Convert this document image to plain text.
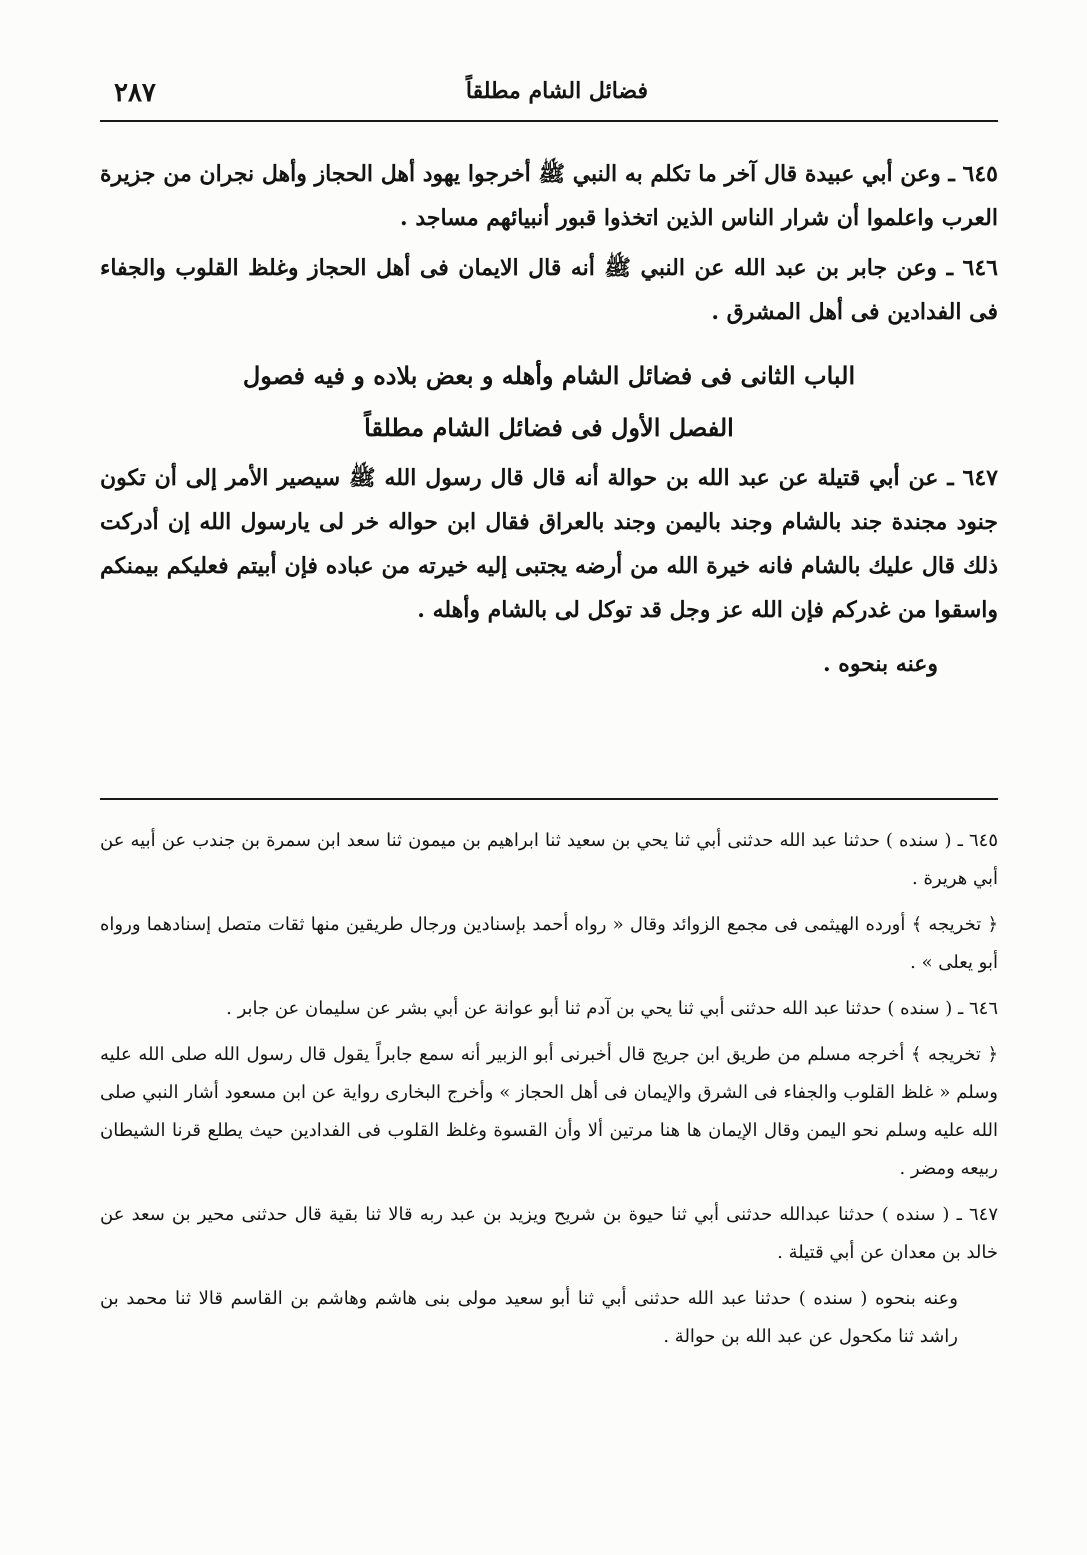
فضائل الشام مطلقاً
٢٨٧

٦٤٥ ـ وعن أبي عبيدة قال آخر ما تكلم به النبي ﷺ أخرجوا يهود أهل الحجاز وأهل نجران من جزيرة العرب واعلموا أن شرار الناس الذين اتخذوا قبور أنبيائهم مساجد .

٦٤٦ ـ وعن جابر بن عبد الله عن النبي ﷺ أنه قال الايمان فى أهل الحجاز وغلظ القلوب والجفاء فى الفدادين فى أهل المشرق .

الباب الثانى فى فضائل الشام وأهله و بعض بلاده و فيه فصول
الفصل الأول فى فضائل الشام مطلقاً

٦٤٧ ـ عن أبي قتيلة عن عبد الله بن حوالة أنه قال قال رسول الله ﷺ سيصير الأمر إلى أن تكون جنود مجندة جند بالشام وجند باليمن وجند بالعراق فقال ابن حواله خر لى يارسول الله إن أدركت ذلك قال عليك بالشام فانه خيرة الله من أرضه يجتبى إليه خيرته من عباده فإن أبيتم فعليكم بيمنكم واسقوا من غدركم فإن الله عز وجل قد توكل لى بالشام وأهله .

وعنه بنحوه .

٦٤٥ ـ ( سنده ) حدثنا عبد الله حدثنى أبي ثنا يحي بن سعيد ثنا ابراهيم بن ميمون ثنا سعد ابن سمرة بن جندب عن أبيه عن أبي هريرة .

﴿ تخريجه ﴾ أورده الهيثمى فى مجمع الزوائد وقال « رواه أحمد بإسنادين ورجال طريقين منها ثقات متصل إسنادهما ورواه أبو يعلى » .

٦٤٦ ـ ( سنده ) حدثنا عبد الله حدثنى أبي ثنا يحي بن آدم ثنا أبو عوانة عن أبي بشر عن سليمان عن جابر .

﴿ تخريجه ﴾ أخرجه مسلم من طريق ابن جريج قال أخبرنى أبو الزبير أنه سمع جابراً يقول قال رسول الله صلى الله عليه وسلم « غلظ القلوب والجفاء فى الشرق والإيمان فى أهل الحجاز » وأخرج البخارى رواية عن ابن مسعود أشار النبي صلى الله عليه وسلم نحو اليمن وقال الإيمان ها هنا مرتين ألا وأن القسوة وغلظ القلوب فى الفدادين حيث يطلع قرنا الشيطان ربيعه ومضر .

٦٤٧ ـ ( سنده ) حدثنا عبدالله حدثنى أبي ثنا حيوة بن شريح ويزيد بن عبد ربه قالا ثنا بقية قال حدثنى محير بن سعد عن خالد بن معدان عن أبي قتيلة .

وعنه بنحوه ( سنده ) حدثنا عبد الله حدثنى أبي ثنا أبو سعيد مولى بنى هاشم وهاشم بن القاسم قالا ثنا محمد بن راشد ثنا مكحول عن عبد الله بن حوالة .
